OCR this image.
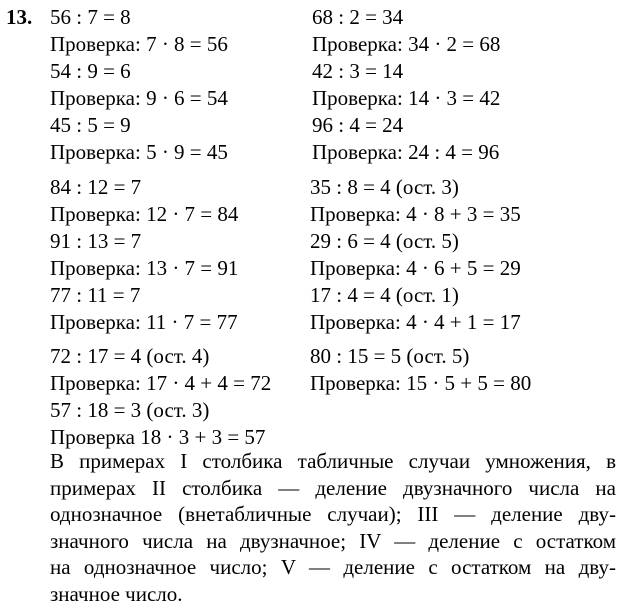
13. 56 : 7 = 8
Проверка: 7 · 8 = 56
54 : 9 = 6
Проверка: 9 · 6 = 54
45 : 5 = 9
Проверка: 5 · 9 = 45
84 : 12 = 7
Проверка: 12 · 7 = 84
91 : 13 = 7
Проверка: 13 · 7 = 91
77 : 11 = 7
Проверка: 11 · 7 = 77
72 : 17 = 4 (ост. 4)
Проверка: 17 · 4 + 4 = 72
57 : 18 = 3 (ост. 3)
Проверка 18 · 3 + 3 = 57
68 : 2 = 34
Проверка: 34 · 2 = 68
42 : 3 = 14
Проверка: 14 · 3 = 42
96 : 4 = 24
Проверка: 24 : 4 = 96
35 : 8 = 4 (ост. 3)
Проверка: 4 · 8 + 3 = 35
29 : 6 = 4 (ост. 5)
Проверка: 4 · 6 + 5 = 29
17 : 4 = 4 (ост. 1)
Проверка: 4 · 4 + 1 = 17
80 : 15 = 5 (ост. 5)
Проверка: 15 · 5 + 5 = 80

В примерах I столбика табличные случаи умножения, в
примерах II столбика — деление двузначного числа на
однозначное (внетабличные случаи); III — деление дву-
значного числа на двузначное; IV — деление с остатком
на однозначное число; V — деление с остатком на дву-
значное число.
